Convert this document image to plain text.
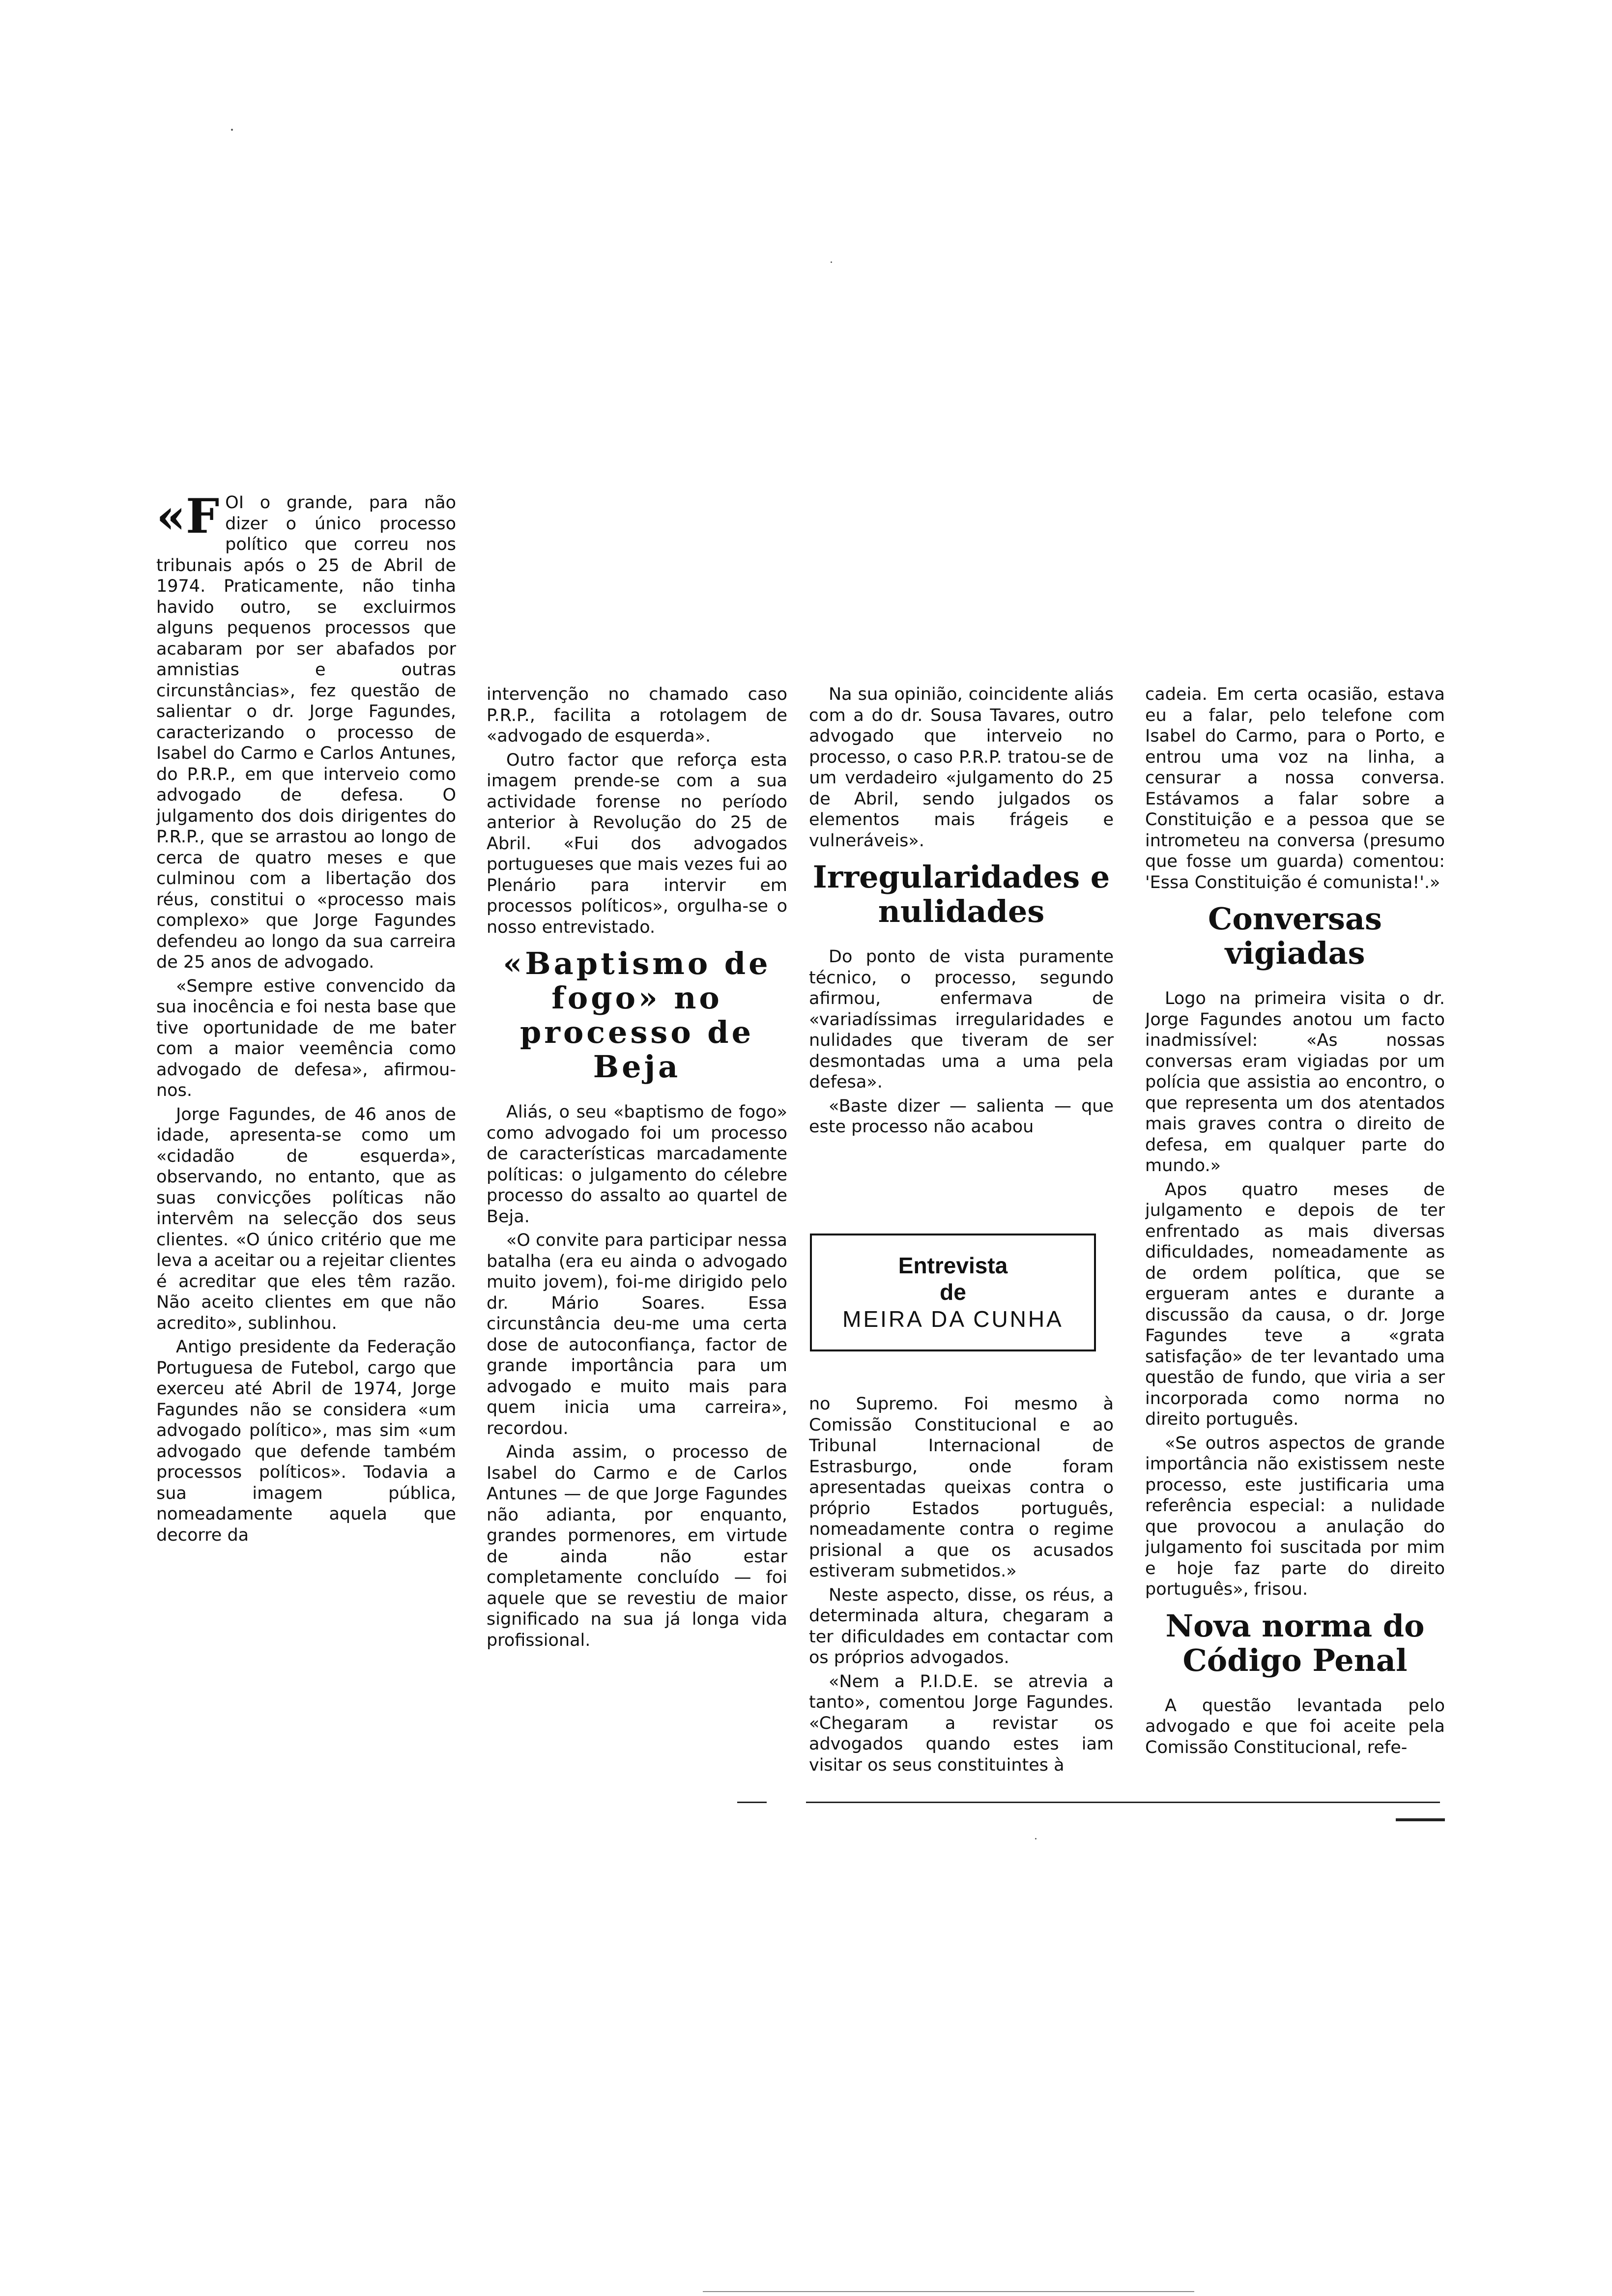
«FOI o grande, para não dizer o único processo político que correu nos tribunais após o 25 de Abril de 1974. Praticamente, não tinha havido outro, se excluirmos alguns pequenos processos que acabaram por ser abafados por amnistias e outras circunstâncias», fez questão de salientar o dr. Jorge Fagundes, caracterizando o processo de Isabel do Carmo e Carlos Antunes, do P.R.P., em que interveio como advogado de defesa. O julgamento dos dois dirigentes do P.R.P., que se arrastou ao longo de cerca de quatro meses e que culminou com a libertação dos réus, constitui o «processo mais complexo» que Jorge Fagundes defendeu ao longo da sua carreira de 25 anos de advogado.

«Sempre estive convencido da sua inocência e foi nesta base que tive oportunidade de me bater com a maior veemência como advogado de defesa», afirmou-nos.

Jorge Fagundes, de 46 anos de idade, apresenta-se como um «cidadão de esquerda», observando, no entanto, que as suas convicções políticas não intervêm na selecção dos seus clientes. «O único critério que me leva a aceitar ou a rejeitar clientes é acreditar que eles têm razão. Não aceito clientes em que não acredito», sublinhou.

Antigo presidente da Federação Portuguesa de Futebol, cargo que exerceu até Abril de 1974, Jorge Fagundes não se considera «um advogado político», mas sim «um advogado que defende também processos políticos». Todavia a sua imagem pública, nomeadamente aquela que decorre da

intervenção no chamado caso P.R.P., facilita a rotolagem de «advogado de esquerda».

Outro factor que reforça esta imagem prende-se com a sua actividade forense no período anterior à Revolução do 25 de Abril. «Fui dos advogados portugueses que mais vezes fui ao Plenário para intervir em processos políticos», orgulha-se o nosso entrevistado.

«Baptismo de fogo» no processo de Beja

Aliás, o seu «baptismo de fogo» como advogado foi um processo de características marcadamente políticas: o julgamento do célebre processo do assalto ao quartel de Beja.

«O convite para participar nessa batalha (era eu ainda o advogado muito jovem), foi-me dirigido pelo dr. Mário Soares. Essa circunstância deu-me uma certa dose de autoconfiança, factor de grande importância para um advogado e muito mais para quem inicia uma carreira», recordou.

Ainda assim, o processo de Isabel do Carmo e de Carlos Antunes — de que Jorge Fagundes não adianta, por enquanto, grandes pormenores, em virtude de ainda não estar completamente concluído — foi aquele que se revestiu de maior significado na sua já longa vida profissional.

Na sua opinião, coincidente aliás com a do dr. Sousa Tavares, outro advogado que interveio no processo, o caso P.R.P. tratou-se de um verdadeiro «julgamento do 25 de Abril, sendo julgados os elementos mais frágeis e vulneráveis».

Irregularidades e nulidades

Do ponto de vista puramente técnico, o processo, segundo afirmou, enfermava de «variadíssimas irregularidades e nulidades que tiveram de ser desmontadas uma a uma pela defesa».

«Baste dizer — salienta — que este processo não acabou

Entrevista
de
MEIRA DA CUNHA

no Supremo. Foi mesmo à Comissão Constitucional e ao Tribunal Internacional de Estrasburgo, onde foram apresentadas queixas contra o próprio Estados português, nomeadamente contra o regime prisional a que os acusados estiveram submetidos.»

Neste aspecto, disse, os réus, a determinada altura, chegaram a ter dificuldades em contactar com os próprios advogados.

«Nem a P.I.D.E. se atrevia a tanto», comentou Jorge Fagundes. «Chegaram a revistar os advogados quando estes iam visitar os seus constituintes à

cadeia. Em certa ocasião, estava eu a falar, pelo telefone com Isabel do Carmo, para o Porto, e entrou uma voz na linha, a censurar a nossa conversa. Estávamos a falar sobre a Constituição e a pessoa que se intrometeu na conversa (presumo que fosse um guarda) comentou: 'Essa Constituição é comunista!'.»

Conversas vigiadas

Logo na primeira visita o dr. Jorge Fagundes anotou um facto inadmissível: «As nossas conversas eram vigiadas por um polícia que assistia ao encontro, o que representa um dos atentados mais graves contra o direito de defesa, em qualquer parte do mundo.»

Apos quatro meses de julgamento e depois de ter enfrentado as mais diversas dificuldades, nomeadamente as de ordem política, que se ergueram antes e durante a discussão da causa, o dr. Jorge Fagundes teve a «grata satisfação» de ter levantado uma questão de fundo, que viria a ser incorporada como norma no direito português.

«Se outros aspectos de grande importância não existissem neste processo, este justificaria uma referência especial: a nulidade que provocou a anulação do julgamento foi suscitada por mim e hoje faz parte do direito português», frisou.

Nova norma do Código Penal

A questão levantada pelo advogado e que foi aceite pela Comissão Constitucional, refe-
